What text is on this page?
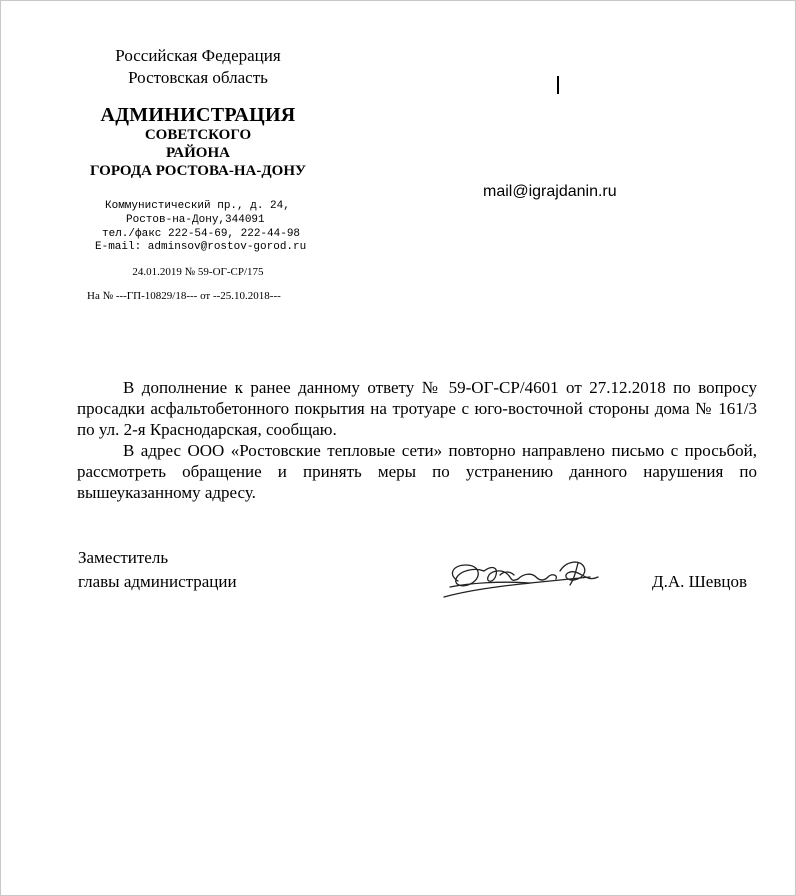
Российская Федерация
Ростовская область
АДМИНИСТРАЦИЯ
СОВЕТСКОГО
РАЙОНА
ГОРОДА РОСТОВА-НА-ДОНУ
Коммунистический пр., д. 24,
Ростов-на-Дону,344091
тел./факс 222-54-69, 222-44-98
E-mail: adminsov@rostov-gorod.ru
24.01.2019 № 59-ОГ-СР/175
На № ---ГП-10829/18--- от --25.10.2018---
mail@igrajdanin.ru

В дополнение к ранее данному ответу № 59-ОГ-СР/4601 от 27.12.2018 по вопросу просадки асфальтобетонного покрытия на тротуаре с юго-восточной стороны дома № 161/3 по ул. 2-я Краснодарская, сообщаю.

В адрес ООО «Ростовские тепловые сети» повторно направлено письмо с просьбой, рассмотреть обращение и принять меры по устранению данного нарушения по вышеуказанному адресу.

Заместитель
главы администрации	Д.А. Шевцов
